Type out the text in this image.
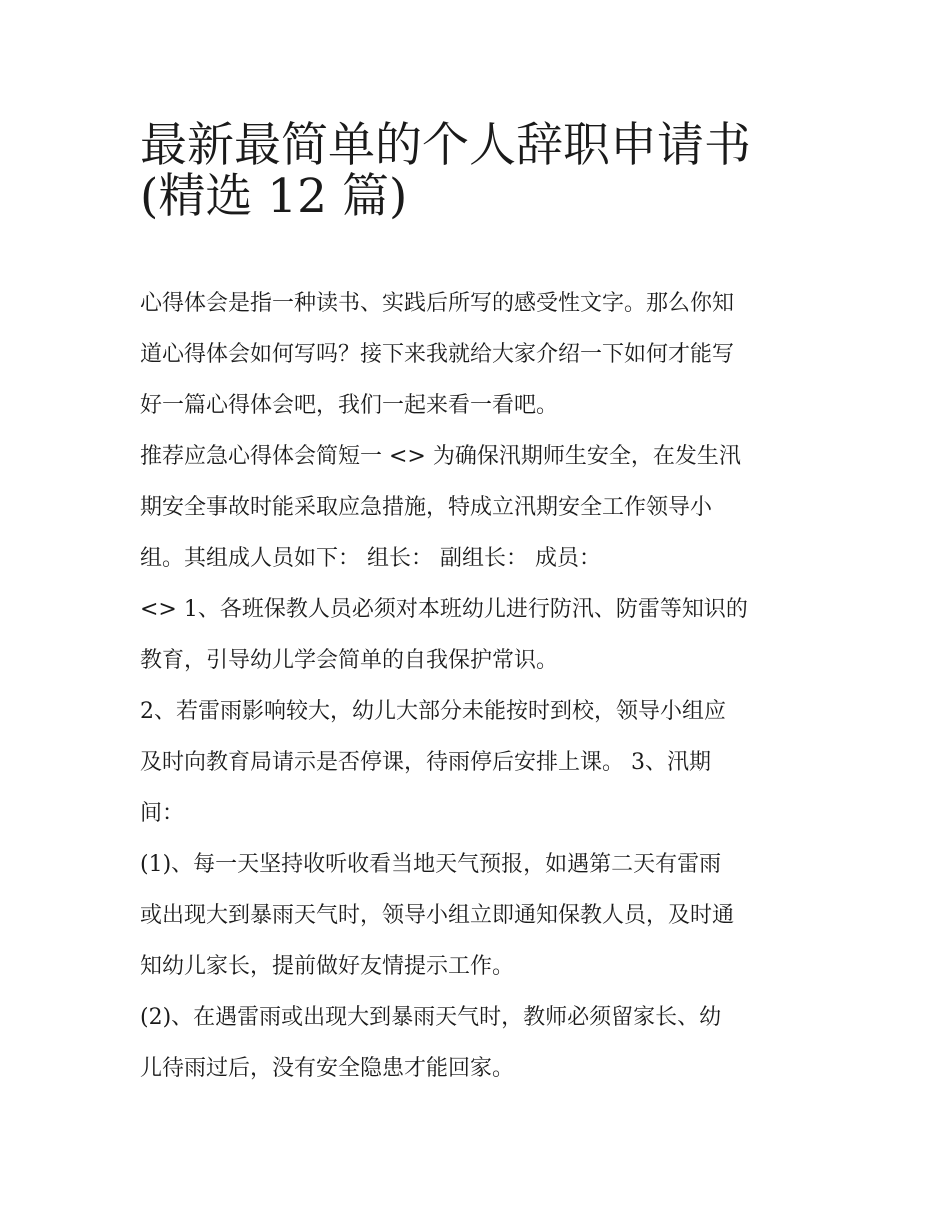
最新最简单的个人辞职申请书
(精选 12 篇)
心得体会是指一种读书、实践后所写的感受性文字。那么你知
道心得体会如何写吗？接下来我就给大家介绍一下如何才能写
好一篇心得体会吧，我们一起来看一看吧。
推荐应急心得体会简短一 <> 为确保汛期师生安全，在发生汛
期安全事故时能采取应急措施，特成立汛期安全工作领导小
组。其组成人员如下： 组长： 副组长： 成员：
<> 1、各班保教人员必须对本班幼儿进行防汛、防雷等知识的
教育，引导幼儿学会简单的自我保护常识。
2、若雷雨影响较大，幼儿大部分未能按时到校，领导小组应
及时向教育局请示是否停课，待雨停后安排上课。 3、汛期
间：
(1)、每一天坚持收听收看当地天气预报，如遇第二天有雷雨
或出现大到暴雨天气时，领导小组立即通知保教人员，及时通
知幼儿家长，提前做好友情提示工作。
(2)、在遇雷雨或出现大到暴雨天气时，教师必须留家长、幼
儿待雨过后，没有安全隐患才能回家。
